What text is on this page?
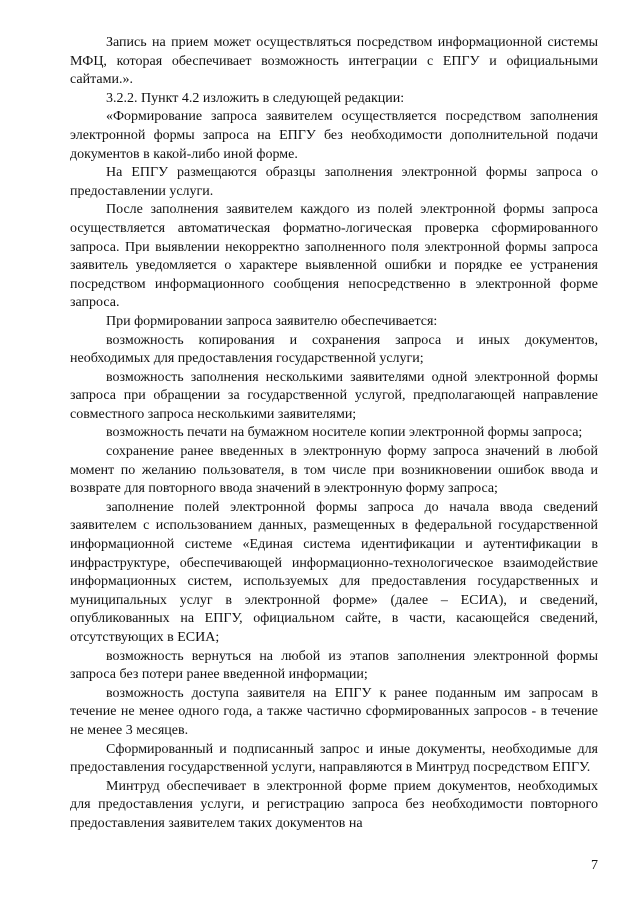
Запись на прием может осуществляться посредством информационной системы МФЦ, которая обеспечивает возможность интеграции с ЕПГУ и официальными сайтами.».

3.2.2. Пункт 4.2 изложить в следующей редакции:

«Формирование запроса заявителем осуществляется посредством заполнения электронной формы запроса на ЕПГУ без необходимости дополнительной подачи документов в какой-либо иной форме.

На ЕПГУ размещаются образцы заполнения электронной формы запроса о предоставлении услуги.

После заполнения заявителем каждого из полей электронной формы запроса осуществляется автоматическая форматно-логическая проверка сформированного запроса. При выявлении некорректно заполненного поля электронной формы запроса заявитель уведомляется о характере выявленной ошибки и порядке ее устранения посредством информационного сообщения непосредственно в электронной форме запроса.

При формировании запроса заявителю обеспечивается:

возможность копирования и сохранения запроса и иных документов, необходимых для предоставления государственной услуги;

возможность заполнения несколькими заявителями одной электронной формы запроса при обращении за государственной услугой, предполагающей направление совместного запроса несколькими заявителями;

возможность печати на бумажном носителе копии электронной формы запроса;

сохранение ранее введенных в электронную форму запроса значений в любой момент по желанию пользователя, в том числе при возникновении ошибок ввода и возврате для повторного ввода значений в электронную форму запроса;

заполнение полей электронной формы запроса до начала ввода сведений заявителем с использованием данных, размещенных в федеральной государственной информационной системе «Единая система идентификации и аутентификации в инфраструктуре, обеспечивающей информационно-технологическое взаимодействие информационных систем, используемых для предоставления государственных и муниципальных услуг в электронной форме» (далее – ЕСИА), и сведений, опубликованных на ЕПГУ, официальном сайте, в части, касающейся сведений, отсутствующих в ЕСИА;

возможность вернуться на любой из этапов заполнения электронной формы запроса без потери ранее введенной информации;

возможность доступа заявителя на ЕПГУ к ранее поданным им запросам в течение не менее одного года, а также частично сформированных запросов - в течение не менее 3 месяцев.

Сформированный и подписанный запрос и иные документы, необходимые для предоставления государственной услуги, направляются в Минтруд посредством ЕПГУ.

Минтруд обеспечивает в электронной форме прием документов, необходимых для предоставления услуги, и регистрацию запроса без необходимости повторного предоставления заявителем таких документов на

7
